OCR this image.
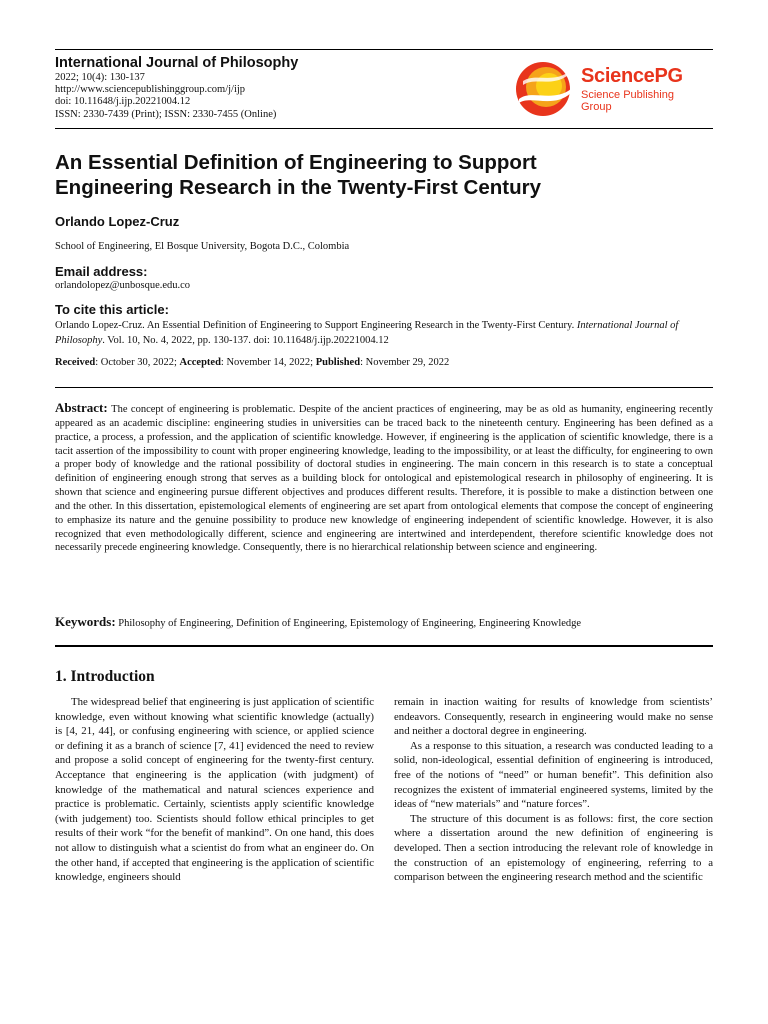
International Journal of Philosophy
2022; 10(4): 130-137
http://www.sciencepublishinggroup.com/j/ijp
doi: 10.11648/j.ijp.20221004.12
ISSN: 2330-7439 (Print); ISSN: 2330-7455 (Online)
SciencePG
Science Publishing Group
An Essential Definition of Engineering to Support
Engineering Research in the Twenty-First Century
Orlando Lopez-Cruz
School of Engineering, El Bosque University, Bogota D.C., Colombia
Email address:
orlandolopez@unbosque.edu.co
To cite this article:
Orlando Lopez-Cruz. An Essential Definition of Engineering to Support Engineering Research in the Twenty-First Century. International Journal of Philosophy. Vol. 10, No. 4, 2022, pp. 130-137. doi: 10.11648/j.ijp.20221004.12
Received: October 30, 2022; Accepted: November 14, 2022; Published: November 29, 2022
Abstract: The concept of engineering is problematic. Despite of the ancient practices of engineering, may be as old as humanity, engineering recently appeared as an academic discipline: engineering studies in universities can be traced back to the nineteenth century. Engineering has been defined as a practice, a process, a profession, and the application of scientific knowledge. However, if engineering is the application of scientific knowledge, there is a tacit assertion of the impossibility to count with proper engineering knowledge, leading to the impossibility, or at least the difficulty, for engineering to own a proper body of knowledge and the rational possibility of doctoral studies in engineering. The main concern in this research is to state a conceptual definition of engineering enough strong that serves as a building block for ontological and epistemological research in philosophy of engineering. It is shown that science and engineering pursue different objectives and produces different results. Therefore, it is possible to make a distinction between one and the other. In this dissertation, epistemological elements of engineering are set apart from ontological elements that compose the concept of engineering to emphasize its nature and the genuine possibility to produce new knowledge of engineering independent of scientific knowledge. However, it is also recognized that even methodologically different, science and engineering are intertwined and interdependent, therefore scientific knowledge does not necessarily precede engineering knowledge. Consequently, there is no hierarchical relationship between science and engineering.
Keywords: Philosophy of Engineering, Definition of Engineering, Epistemology of Engineering, Engineering Knowledge
1. Introduction

The widespread belief that engineering is just application of scientific knowledge, even without knowing what scientific knowledge (actually) is [4, 21, 44], or confusing engineering with science, or applied science or defining it as a branch of science [7, 41] evidenced the need to review and propose a solid concept of engineering for the twenty-first century. Acceptance that engineering is the application (with judgment) of knowledge of the mathematical and natural sciences experience and practice is problematic. Certainly, scientists apply scientific knowledge (with judgement) too. Scientists should follow ethical principles to get results of their work “for the benefit of mankind”. On one hand, this does not allow to distinguish what a scientist do from what an engineer do. On the other hand, if accepted that engineering is the application of scientific knowledge, engineers should

remain in inaction waiting for results of knowledge from scientists’ endeavors. Consequently, research in engineering would make no sense and neither a doctoral degree in engineering.

As a response to this situation, a research was conducted leading to a solid, non-ideological, essential definition of engineering is introduced, free of the notions of “need” or human benefit”. This definition also recognizes the existent of immaterial engineered systems, limited by the ideas of “new materials” and “nature forces”.

The structure of this document is as follows: first, the core section where a dissertation around the new definition of engineering is developed. Then a section introducing the relevant role of knowledge in the construction of an epistemology of engineering, referring to a comparison between the engineering research method and the scientific
